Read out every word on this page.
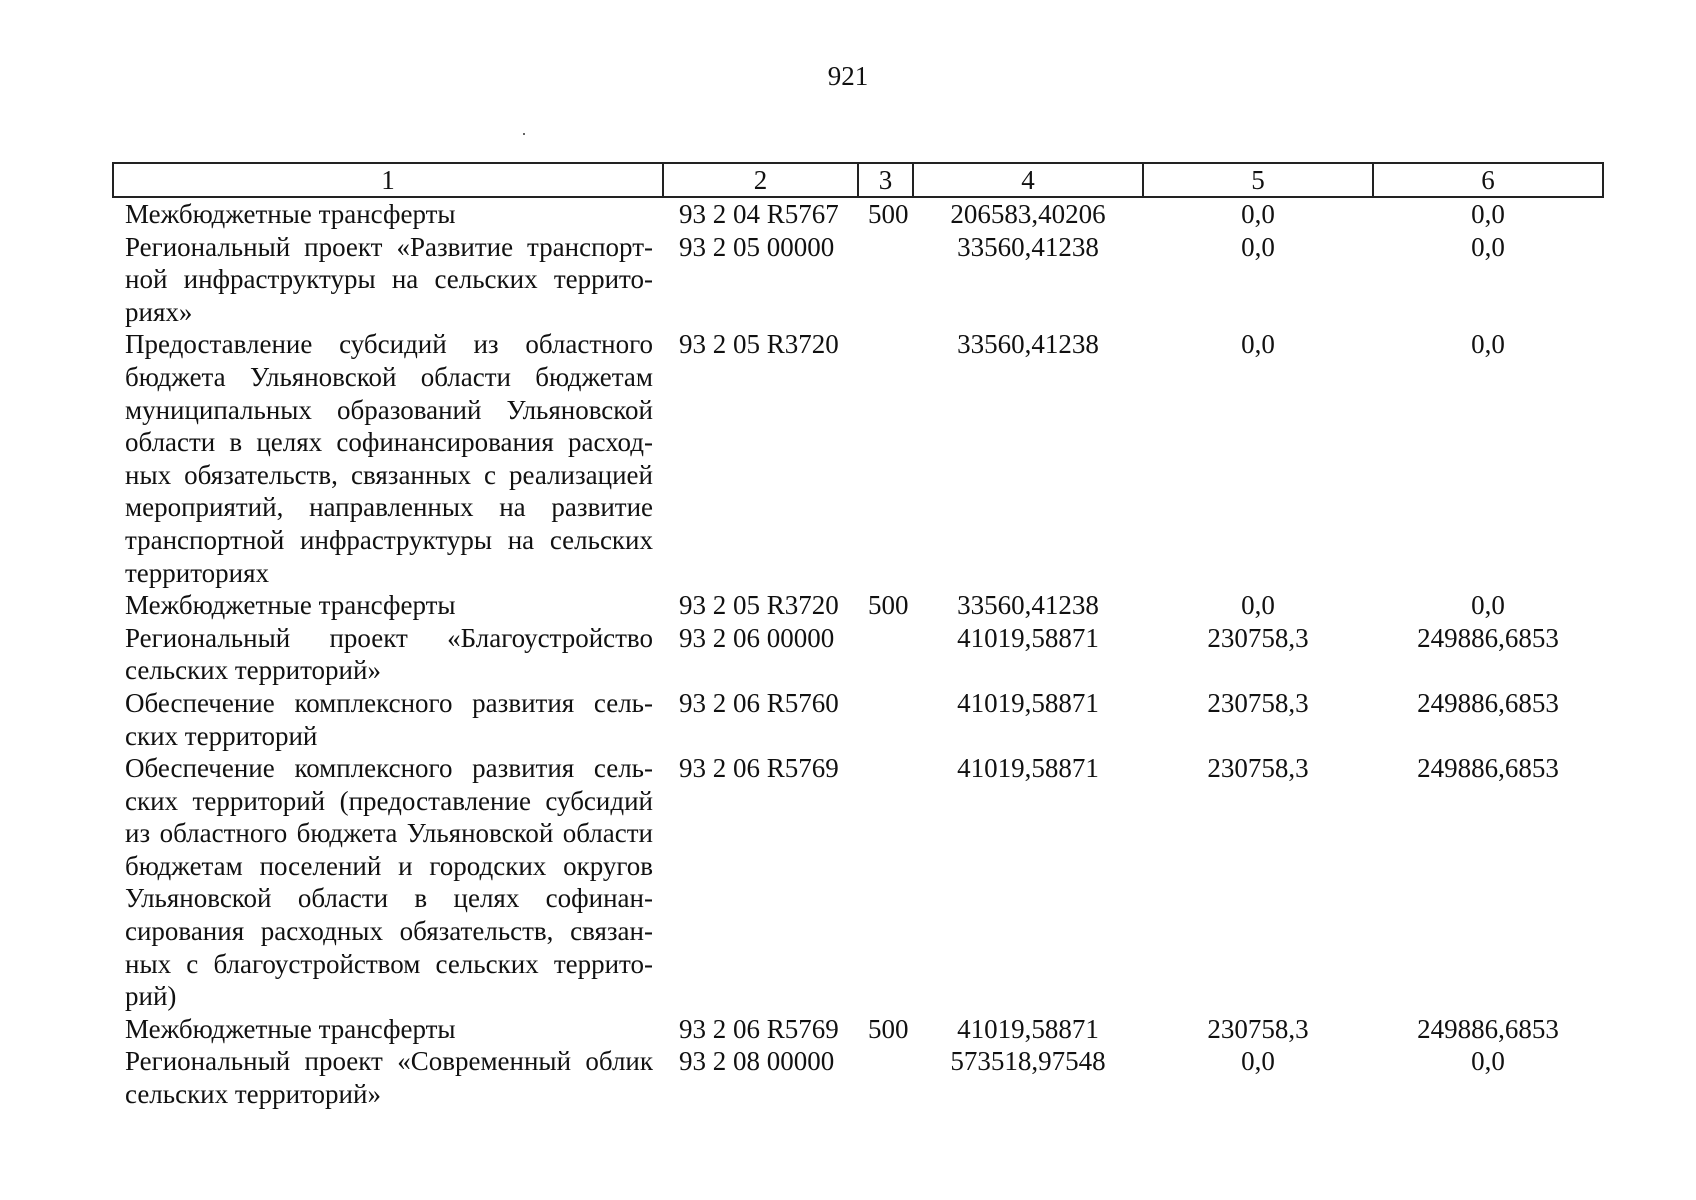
921
1	2	3	4	5	6
Межбюджетные трансферты	93 2 04 R5767	500	206583,40206	0,0	0,0
Региональный проект «Развитие транспортной инфраструктуры на сельских территориях»	93 2 05 00000		33560,41238	0,0	0,0
Предоставление субсидий из областного бюджета Ульяновской области бюджетам муниципальных образований Ульяновской области в целях софинансирования расходных обязательств, связанных с реализацией мероприятий, направленных на развитие транспортной инфраструктуры на сельских территориях	93 2 05 R3720		33560,41238	0,0	0,0
Межбюджетные трансферты	93 2 05 R3720	500	33560,41238	0,0	0,0
Региональный проект «Благоустройство сельских территорий»	93 2 06 00000		41019,58871	230758,3	249886,6853
Обеспечение комплексного развития сельских территорий	93 2 06 R5760		41019,58871	230758,3	249886,6853
Обеспечение комплексного развития сельских территорий (предоставление субсидий из областного бюджета Ульяновской области бюджетам поселений и городских округов Ульяновской области в целях софинансирования расходных обязательств, связанных с благоустройством сельских территорий)	93 2 06 R5769		41019,58871	230758,3	249886,6853
Межбюджетные трансферты	93 2 06 R5769	500	41019,58871	230758,3	249886,6853
Региональный проект «Современный облик сельских территорий»	93 2 08 00000		573518,97548	0,0	0,0
